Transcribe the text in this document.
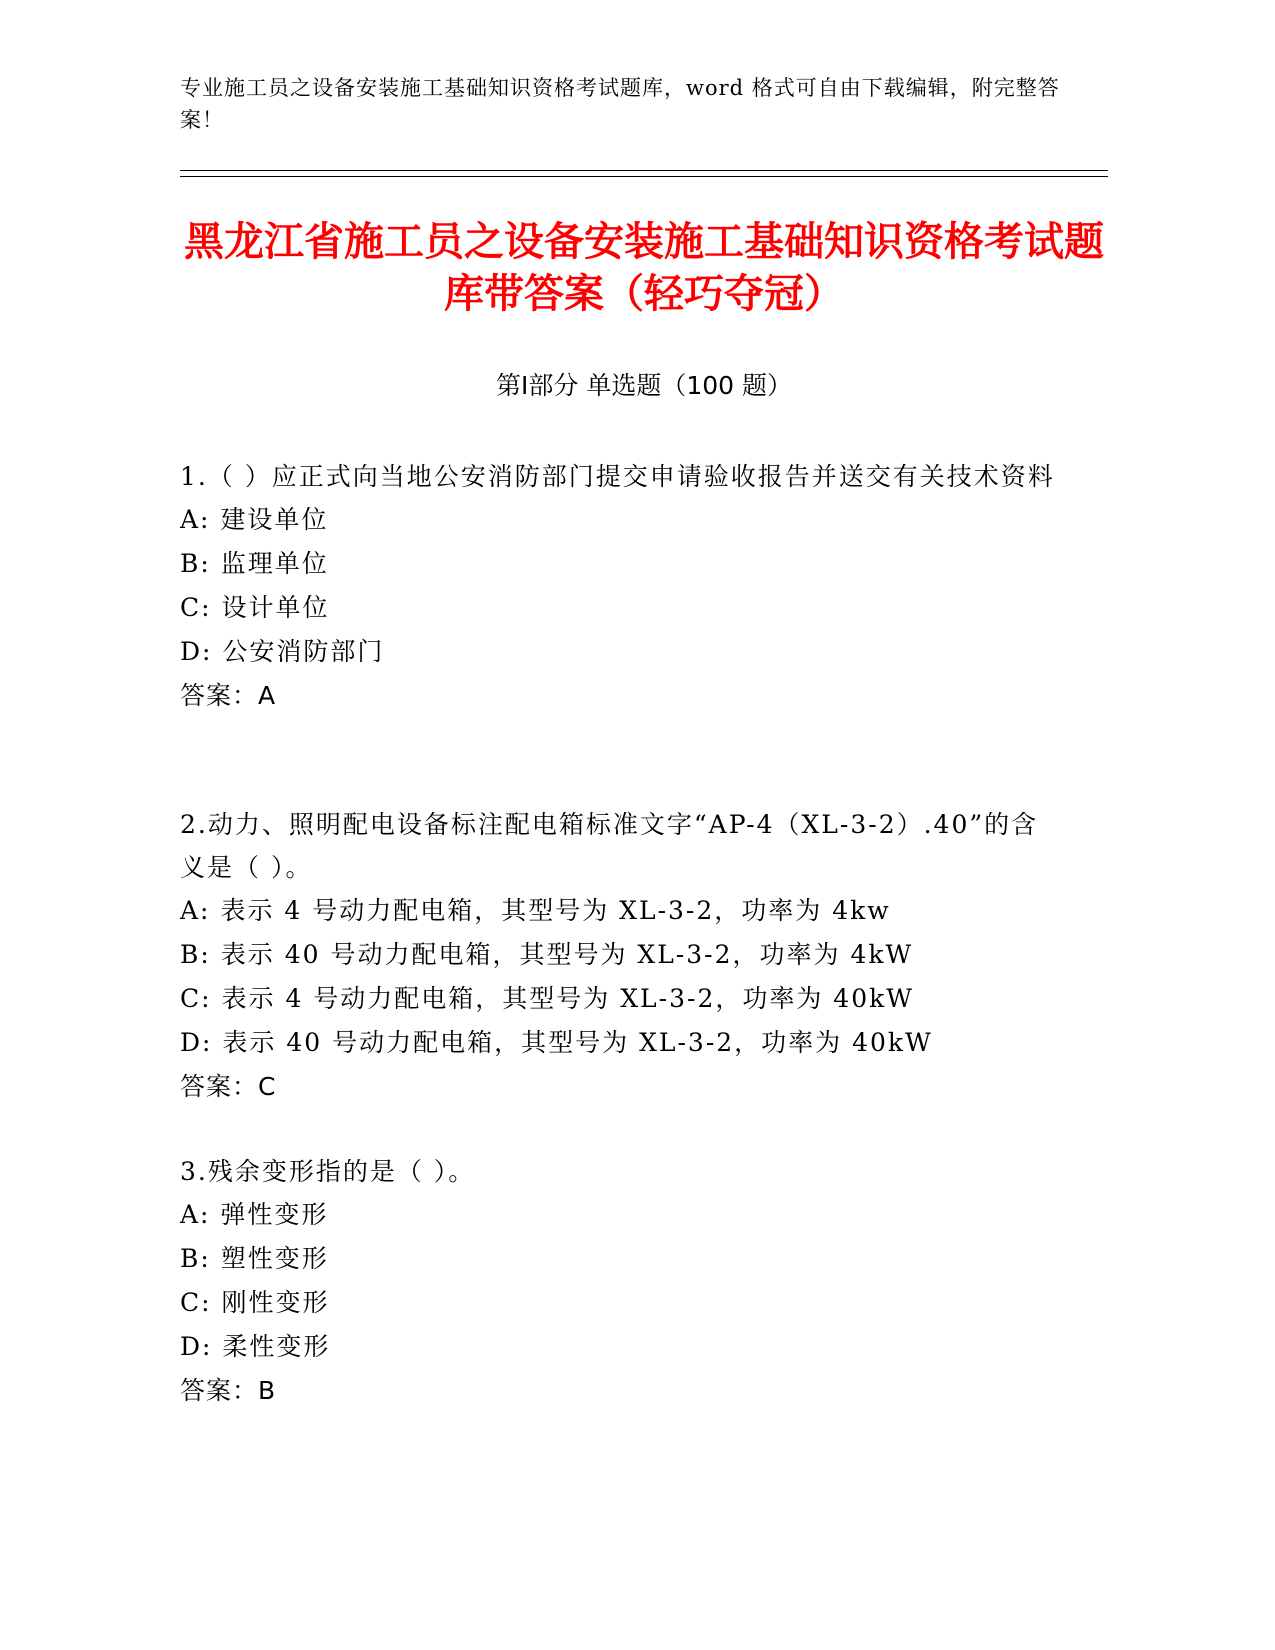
专业施工员之设备安装施工基础知识资格考试题库，word 格式可自由下载编辑，附完整答案！
黑龙江省施工员之设备安装施工基础知识资格考试题库带答案（轻巧夺冠）
第Ⅰ部分 单选题（100 题）
1.（ ）应正式向当地公安消防部门提交申请验收报告并送交有关技术资料
A: 建设单位
B: 监理单位
C: 设计单位
D: 公安消防部门
答案：A
2.动力、照明配电设备标注配电箱标准文字“AP-4（XL-3-2）.40”的含义是（ ）。
A: 表示 4 号动力配电箱，其型号为 XL-3-2，功率为 4kw
B: 表示 40 号动力配电箱，其型号为 XL-3-2，功率为 4kW
C: 表示 4 号动力配电箱，其型号为 XL-3-2，功率为 40kW
D: 表示 40 号动力配电箱，其型号为 XL-3-2，功率为 40kW
答案：C
3.残余变形指的是（ ）。
A: 弹性变形
B: 塑性变形
C: 刚性变形
D: 柔性变形
答案：B
